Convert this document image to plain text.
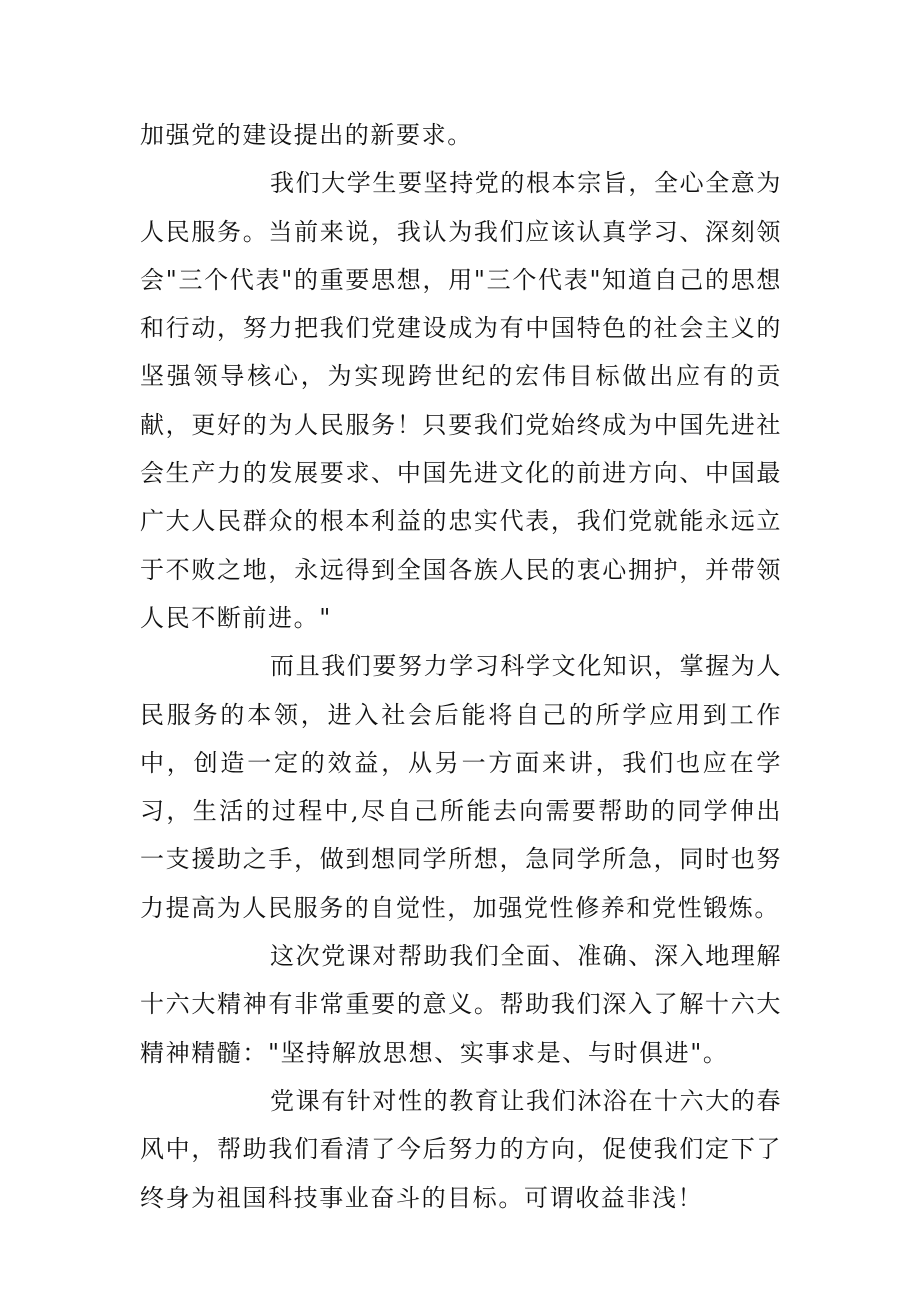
加强党的建设提出的新要求。

我们大学生要坚持党的根本宗旨，全心全意为人民服务。当前来说，我认为我们应该认真学习、深刻领会"三个代表"的重要思想，用"三个代表"知道自己的思想和行动，努力把我们党建设成为有中国特色的社会主义的坚强领导核心，为实现跨世纪的宏伟目标做出应有的贡献，更好的为人民服务！只要我们党始终成为中国先进社会生产力的发展要求、中国先进文化的前进方向、中国最广大人民群众的根本利益的忠实代表，我们党就能永远立于不败之地，永远得到全国各族人民的衷心拥护，并带领人民不断前进。"

而且我们要努力学习科学文化知识，掌握为人民服务的本领，进入社会后能将自己的所学应用到工作中，创造一定的效益，从另一方面来讲，我们也应在学习，生活的过程中,尽自己所能去向需要帮助的同学伸出一支援助之手，做到想同学所想，急同学所急，同时也努力提高为人民服务的自觉性，加强党性修养和党性锻炼。

这次党课对帮助我们全面、准确、深入地理解十六大精神有非常重要的意义。帮助我们深入了解十六大精神精髓："坚持解放思想、实事求是、与时俱进"。

党课有针对性的教育让我们沐浴在十六大的春风中，帮助我们看清了今后努力的方向，促使我们定下了终身为祖国科技事业奋斗的目标。可谓收益非浅！
